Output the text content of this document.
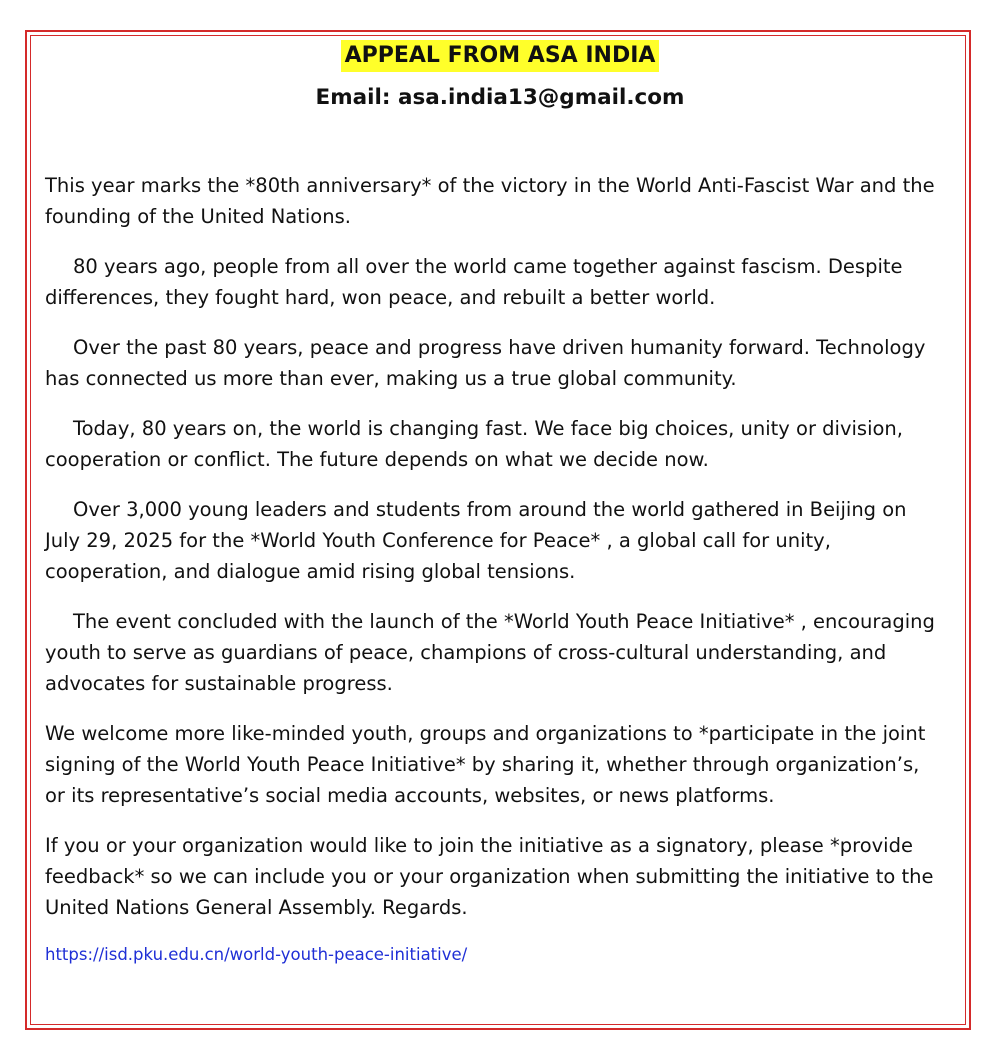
APPEAL FROM ASA INDIA
Email: asa.india13@gmail.com

This year marks the *80th anniversary* of the victory in the World Anti-Fascist War and the founding of the United Nations.

80 years ago, people from all over the world came together against fascism. Despite differences, they fought hard, won peace, and rebuilt a better world.

Over the past 80 years, peace and progress have driven humanity forward. Technology has connected us more than ever, making us a true global community.

Today, 80 years on, the world is changing fast. We face big choices, unity or division, cooperation or conflict. The future depends on what we decide now.

Over 3,000 young leaders and students from around the world gathered in Beijing on July 29, 2025 for the *World Youth Conference for Peace* , a global call for unity, cooperation, and dialogue amid rising global tensions.

The event concluded with the launch of the *World Youth Peace Initiative* , encouraging youth to serve as guardians of peace, champions of cross-cultural understanding, and advocates for sustainable progress.

We welcome more like-minded youth, groups and organizations to *participate in the joint signing of the World Youth Peace Initiative* by sharing it, whether through organization’s, or its representative’s social media accounts, websites, or news platforms.

If you or your organization would like to join the initiative as a signatory, please *provide feedback* so we can include you or your organization when submitting the initiative to the United Nations General Assembly. Regards.

https://isd.pku.edu.cn/world-youth-peace-initiative/
